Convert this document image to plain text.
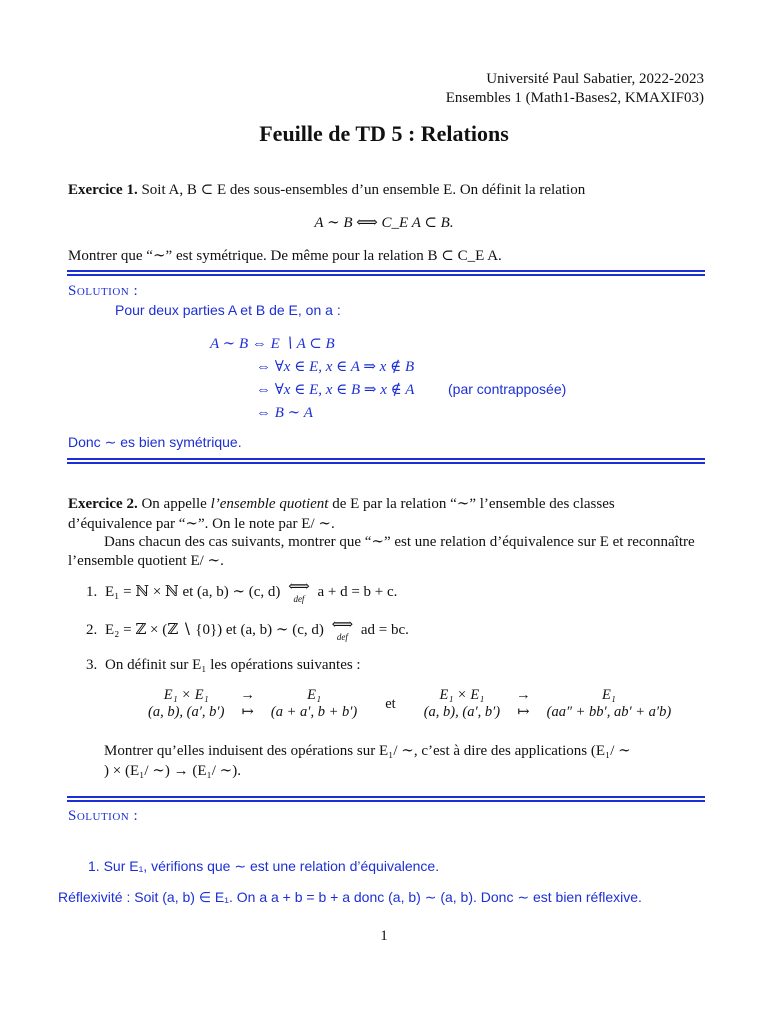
Université Paul Sabatier, 2022-2023
Ensembles 1 (Math1-Bases2, KMAXIF03)
Feuille de TD 5 : Relations
Exercice 1. Soit A, B ⊂ E des sous-ensembles d’un ensemble E. On définit la relation
A ∼ B ⟺ C_E A ⊂ B.
Montrer que “∼” est symétrique. De même pour la relation B ⊂ C_E A.
Solution :
Pour deux parties A et B de E, on a :
A ∼ B ⇔ E ∖ A ⊂ B
⇔ ∀x ∈ E, x ∈ A ⇒ x ∉ B
⇔ ∀x ∈ E, x ∈ B ⇒ x ∉ A (par contrapposée)
⇔ B ∼ A
Donc ∼ es bien symétrique.
Exercice 2. On appelle l’ensemble quotient de E par la relation “∼” l’ensemble des classes
d’équivalence par “∼”. On le note par E/ ∼.
Dans chacun des cas suivants, montrer que “∼” est une relation d’équivalence sur E et reconnaître
l’ensemble quotient E/ ∼.
1. E₁ = ℕ × ℕ et (a, b) ∼ (c, d) ⟺
def a + d = b + c.
2. E₂ = ℤ × (ℤ ∖ {0}) et (a, b) ∼ (c, d) ⟺
def ad = bc.
3. On définit sur E₁ les opérations suivantes :
E₁ × E₁	→	E₁	et	E₁ × E₁	→	E₁
(a, b), (a′, b′)	↦	(a + a′, b + b′)		(a, b), (a′, b′)	↦	(aa″ + bb′, ab′ + a′b)
Montrer qu’elles induisent des opérations sur E₁/ ∼, c’est à dire des applications (E₁/ ∼
) × (E₁/ ∼) → (E₁/ ∼).
Solution :
1. Sur E₁, vérifions que ∼ est une relation d’équivalence.
Réflexivité : Soit (a, b) ∈ E₁. On a a + b = b + a donc (a, b) ∼ (a, b). Donc ∼ est bien réflexive.
1
